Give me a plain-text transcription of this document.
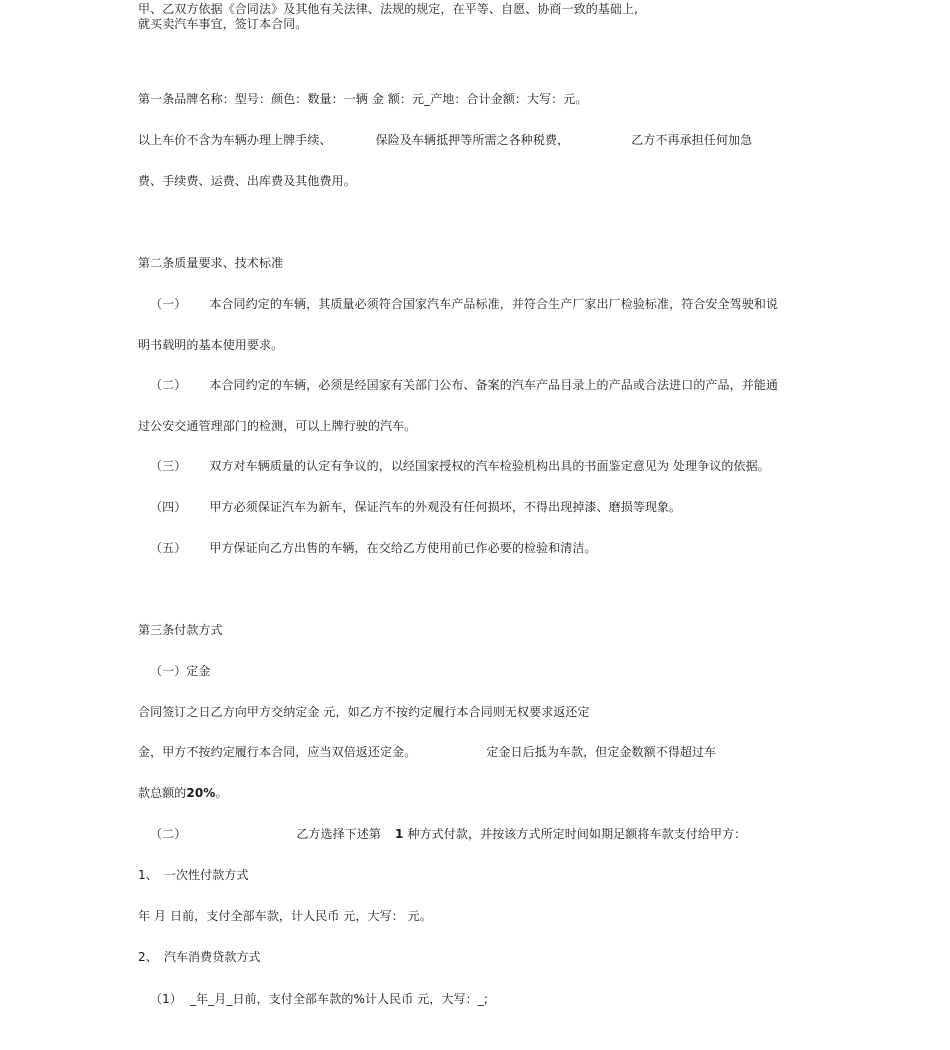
甲、乙双方依据《合同法》及其他有关法律、法规的规定，在平等、自愿、协商一致的基础上,
就买卖汽车事宜，签订本合同。
第一条品牌名称：型号：颜色：数量：一辆 金 额：元_产地：合计金额：大写：元。
以上车价不含为车辆办理上牌手续、	保险及车辆抵押等所需之各种税费，	乙方不再承担任何加急
费、手续费、运费、出库费及其他费用。
第二条质量要求、技术标准
（一） 本合同约定的车辆，其质量必须符合国家汽车产品标准，并符合生产厂家出厂检验标准，符合安全驾驶和说
明书载明的基本使用要求。
（二） 本合同约定的车辆，必须是经国家有关部门公布、备案的汽车产品目录上的产品或合法进口的产品，并能通
过公安交通管理部门的检测，可以上牌行驶的汽车。
（三） 双方对车辆质量的认定有争议的，以经国家授权的汽车检验机构出具的书面鉴定意见为 处理争议的依据。
（四） 甲方必须保证汽车为新车，保证汽车的外观没有任何损坏，不得出现掉漆、磨损等现象。
（五） 甲方保证向乙方出售的车辆，在交给乙方使用前已作必要的检验和清洁。
第三条付款方式
（一）定金
合同签订之日乙方向甲方交纳定金 元，如乙方不按约定履行本合同则无权要求返还定
金，甲方不按约定履行本合同，应当双倍返还定金。	定金日后抵为车款，但定金数额不得超过车
款总额的20%。
（二）	乙方选择下述第 1 种方式付款，并按该方式所定时间如期足额将车款支付给甲方：
1、 一次性付款方式
年 月 日前，支付全部车款，计人民币 元，大写： 元。
2、 汽车消费贷款方式
（1） _年_月_日前，支付全部车款的%计人民币 元，大写：_;
